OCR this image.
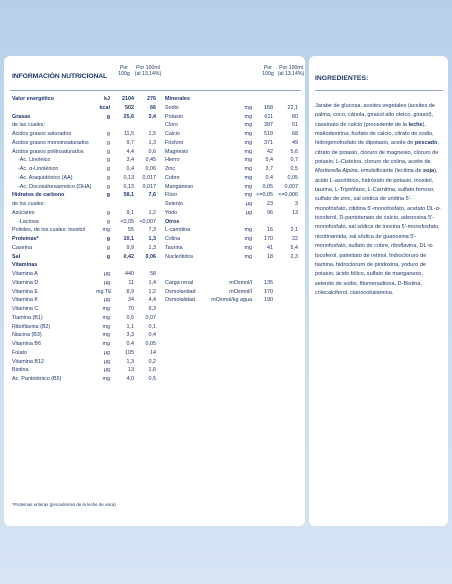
INFORMACIÓN NUTRICIONAL
Por
100g
Por 100ml
(al 13,14%)
Por
100g
Por 100ml
(al 13,14%)
Valor energético	kJ	2104	276
kcal	502	66
Grasas	g	25,6	3,4
de las cuales:
Ácidos grasos saturados	g	11,5	1,5
Ácidos grasos monoinsaturados	g	9,7	1,3
Ácidos grasos poliinsaturados	g	4,4	0,6
-Ac. Linoleico	g	3,4	0,45
-Ac. α-Linolénico	g	0,4	0,06
-Ac. Araquidónico (AA)	g	0,13	0,017
-Ac. Docosahexaenoico (DHA)	g	0,13	0,017
Hidratos de carbono	g	58,1	7,6
de los cuales:
Azúcares	g	9,1	1,2
-Lactosa	g	<0,05 <0,007
Polioles, de los cuales: inositol	mg	55	7,3
Proteínas*	g	10,1	1,3
Caseína	g	9,9	1,3
Sal	g	0,42	0,06
Vitaminas
Vitamina A	µg	440	58
Vitamina D	µg	11	1,4
Vitamina E	mg TE	8,9	1,2
Vitamina K	µg	34	4,4
Vitamina C	mg	70	9,3
Tiamina (B1)	mg	0,5	0,07
Riboflavina (B2)	mg	1,1	0,1
Niacina (B3)	mg	3,3	0,4
Vitamina B6	mg	0,4	0,05
Folato	µg	105	14
Vitamina B12	µg	1,3	0,2
Biotina	µg	13	1,6
Ac. Pantoténico (B5)	mg	4,0	0,5
Minerales
Sodio	mg	168	22,1
Potasio	mg	611	80
Cloro	mg	387	51
Calcio	mg	519	68
Fósforo	mg	371	49
Magnesio	mg	42	5,6
Hierro	mg	5,4	0,7
Zinc	mg	3,7	0,5
Cobre	mg	0,4	0,05
Manganeso	mg	0,05	0,007
Flúor	mg <=0,05 <=0,006
Selenio	µg	23	3
Yodo	µg	96	13
Otros
L-carnitina	mg	16	2,1
Colina	mg	170	22
Taurina	mg	41	5,4
Nucleótidos	mg	18	2,3
Carga renal	mOsmol/l	135
Osmolaridad	mOsmol/l	170
Osmolalidad	mOsmol/kg agua	190
*Proteínas enteras (procedentes de la leche de vaca)
INGREDIENTES:
Jarabe de glucosa, aceites vegetales (aceites de palma, coco, cánola, girasol alto oleico, girasol), caseinato de calcio (procedente de la leche), maltodextrina, fosfato de calcio, citrato de sodio, hidrogenofosfato de dipotasio, aceite de pescado, citrato de potasio, cloruro de magnesio, cloruro de potasio, L-Cisteína, cloruro de colina, aceite de Mortierella Alpina, emulsificante (lecitina de soja), ácido L-ascórbico, hidróxido de potasio, inositol, taurina, L-Triptófano, L-Carnitina, sulfato ferroso, sulfato de zinc, sal sódica de uridina 5'-monofosfato, citidina 5'-monofosfato, acetato DL-α-tocoferol, D-pantotenato de calcio, adenosina 5'-monofosfato, sal sódica de inosina 5'-monofosfato, nicotinamida, sal sódica de guanosina 5'-monofosfato, sulfato de cobre, riboflavina, DL-α-tocoferol, palmitato de retinol, hidrocloruro de tiamina, hidrocloruro de piridoxina, yoduro de potasio, ácido fólico, sulfato de manganeso, selenito de sodio, fitomenadiona, D-Biotina, colecalciferol, cianocobalamina.
